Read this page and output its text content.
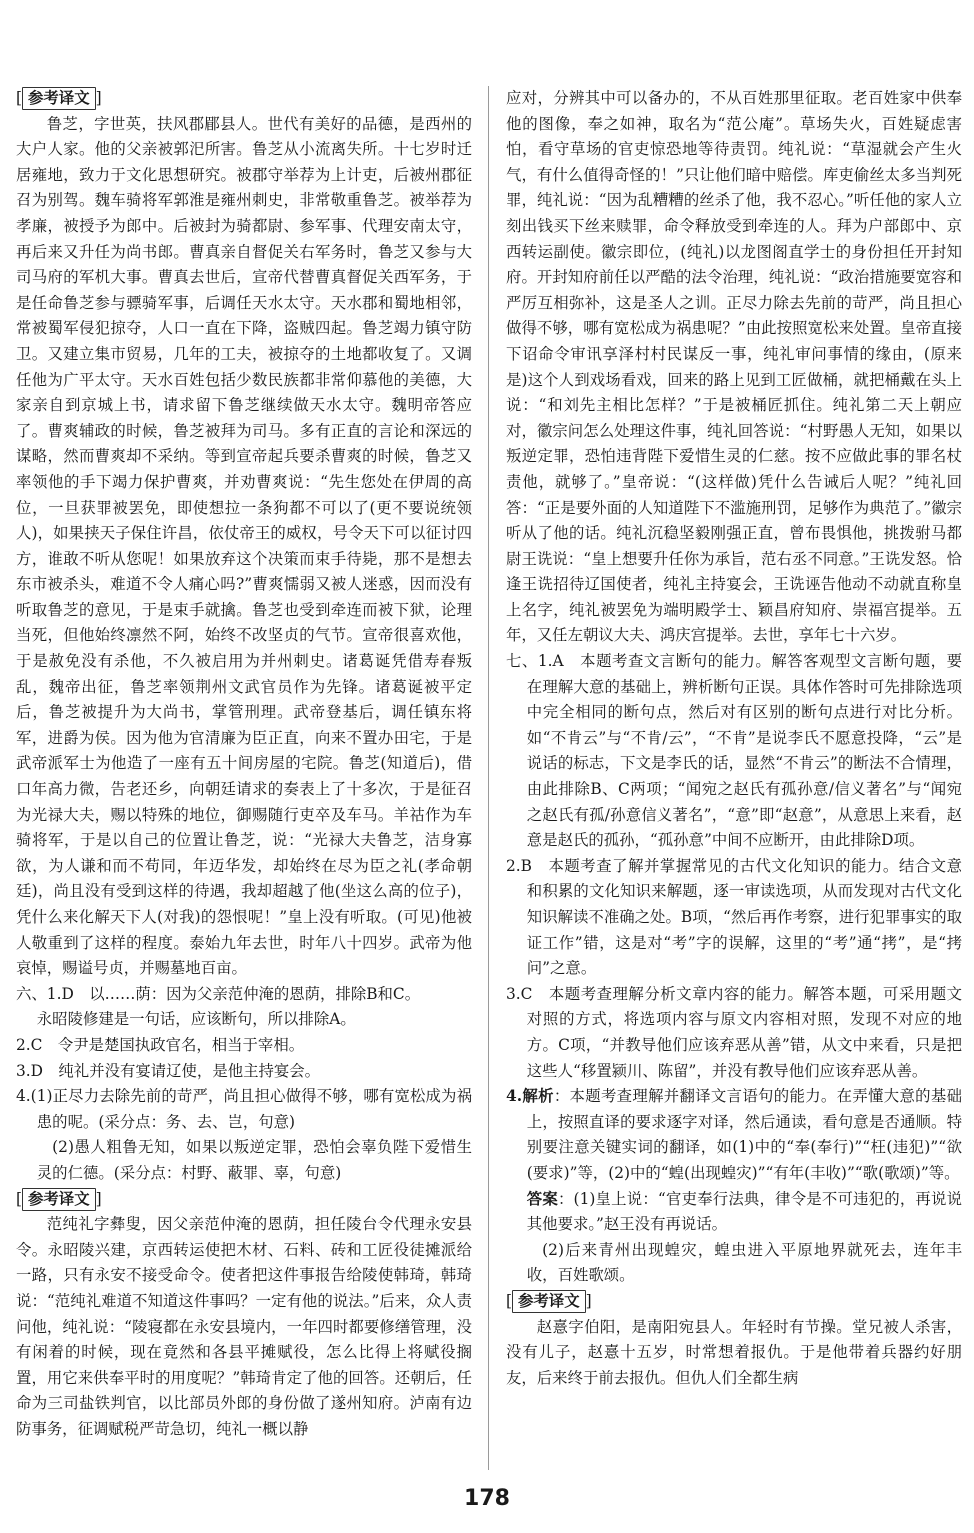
[ 参考译文 ]

鲁芝，字世英，扶风郡郿县人。世代有美好的品德，是西州的大户人家。他的父亲被郭汜所害。鲁芝从小流离失所。十七岁时迁居雍地，致力于文化思想研究。被郡守举荐为上计吏，后被州郡征召为别驾。魏车骑将军郭淮是雍州刺史，非常敬重鲁芝。被举荐为孝廉，被授予为郎中。后被封为骑都尉、参军事、代理安南太守，再后来又升任为尚书郎。曹真亲自督促关右军务时，鲁芝又参与大司马府的军机大事。曹真去世后，宣帝代替曹真督促关西军务，于是任命鲁芝参与骠骑军事，后调任天水太守。天水郡和蜀地相邻，常被蜀军侵犯掠夺，人口一直在下降，盗贼四起。鲁芝竭力镇守防卫。又建立集市贸易，几年的工夫，被掠夺的土地都收复了。又调任他为广平太守。天水百姓包括少数民族都非常仰慕他的美德，大家亲自到京城上书，请求留下鲁芝继续做天水太守。魏明帝答应了。曹爽辅政的时候，鲁芝被拜为司马。多有正直的言论和深远的谋略，然而曹爽却不采纳。等到宣帝起兵要杀曹爽的时候，鲁芝又率领他的手下竭力保护曹爽，并劝曹爽说：“先生您处在伊周的高位，一旦获罪被罢免，即使想拉一条狗都不可以了(更不要说统领人)，如果挟天子保住许昌，依仗帝王的威权，号令天下可以征讨四方，谁敢不听从您呢！如果放弃这个决策而束手待毙，那不是想去东市被杀头，难道不令人痛心吗?”曹爽懦弱又被人迷惑，因而没有听取鲁芝的意见，于是束手就擒。鲁芝也受到牵连而被下狱，论理当死，但他始终凛然不阿，始终不改坚贞的气节。宣帝很喜欢他，于是赦免没有杀他，不久被启用为并州刺史。诸葛诞凭借寿春叛乱，魏帝出征，鲁芝率领荆州文武官员作为先锋。诸葛诞被平定后，鲁芝被提升为大尚书，掌管刑理。武帝登基后，调任镇东将军，进爵为侯。因为他为官清廉为臣正直，向来不置办田宅，于是武帝派军士为他造了一座有五十间房屋的宅院。鲁芝(知道后)，借口年高力微，告老还乡，向朝廷请求的奏表上了十多次，于是征召为光禄大夫，赐以特殊的地位，御赐随行吏卒及车马。羊祜作为车骑将军，于是以自己的位置让鲁芝，说：“光禄大夫鲁芝，洁身寡欲，为人谦和而不苟同，年迈华发，却始终在尽为臣之礼(孝命朝廷)，尚且没有受到这样的待遇，我却超越了他(坐这么高的位子)，凭什么来化解天下人(对我)的怨恨呢！”皇上没有听取。(可见)他被人敬重到了这样的程度。泰始九年去世，时年八十四岁。武帝为他哀悼，赐谥号贞，并赐墓地百亩。

六、1.D　以……荫：因为父亲范仲淹的恩荫，排除B和C。
永昭陵修建是一句话，应该断句，所以排除A。

2.C　令尹是楚国执政官名，相当于宰相。

3.D　纯礼并没有宴请辽使，是他主持宴会。

4.(1)正尽力去除先前的苛严，尚且担心做得不够，哪有宽松成为祸患的呢。(采分点：务、去、岂，句意)

(2)愚人粗鲁无知，如果以叛逆定罪，恐怕会辜负陛下爱惜生灵的仁德。(采分点：村野、蔽罪、辜，句意)

[ 参考译文 ]

范纯礼字彝叟，因父亲范仲淹的恩荫，担任陵台令代理永安县令。永昭陵兴建，京西转运使把木材、石料、砖和工匠役徒摊派给一路，只有永安不接受命令。使者把这件事报告给陵使韩琦，韩琦说：“范纯礼难道不知道这件事吗？一定有他的说法。”后来，众人责问他，纯礼说：“陵寝都在永安县境内，一年四时都要修缮管理，没有闲着的时候，现在竟然和各县平摊赋役，怎么比得上将赋役搁置，用它来供奉平时的用度呢？”韩琦肯定了他的回答。还朝后，任命为三司盐铁判官，以比部员外郎的身份做了遂州知府。泸南有边防事务，征调赋税严苛急切，纯礼一概以静

应对，分辨其中可以备办的，不从百姓那里征取。老百姓家中供奉他的图像，奉之如神，取名为“范公庵”。草场失火，百姓疑虑害怕，看守草场的官吏惊恐地等待责罚。纯礼说：“草湿就会产生火气，有什么值得奇怪的！”只让他们暗中赔偿。库吏偷丝太多当判死罪，纯礼说：“因为乱糟糟的丝杀了他，我不忍心。”听任他的家人立刻出钱买下丝来赎罪，命令释放受到牵连的人。拜为户部郎中、京西转运副使。徽宗即位，(纯礼)以龙图阁直学士的身份担任开封知府。开封知府前任以严酷的法令治理，纯礼说：“政治措施要宽容和严厉互相弥补，这是圣人之训。正尽力除去先前的苛严，尚且担心做得不够，哪有宽松成为祸患呢？”由此按照宽松来处置。皇帝直接下诏命令审讯享泽村村民谋反一事，纯礼审问事情的缘由，(原来是)这个人到戏场看戏，回来的路上见到工匠做桶，就把桶戴在头上说：“和刘先主相比怎样？”于是被桶匠抓住。纯礼第二天上朝应对，徽宗问怎么处理这件事，纯礼回答说：“村野愚人无知，如果以叛逆定罪，恐怕违背陛下爱惜生灵的仁慈。按不应做此事的罪名杖责他，就够了。”皇帝说：“(这样做)凭什么告诫后人呢？”纯礼回答：“正是要外面的人知道陛下不滥施刑罚，足够作为典范了。”徽宗听从了他的话。纯礼沉稳坚毅刚强正直，曾布畏惧他，挑拨驸马都尉王诜说：“皇上想要升任你为承旨，范右丞不同意。”王诜发怒。恰逢王诜招待辽国使者，纯礼主持宴会，王诜诬告他动不动就直称皇上名字，纯礼被罢免为端明殿学士、颖昌府知府、崇福宫提举。五年，又任左朝议大夫、鸿庆宫提举。去世，享年七十六岁。

七、1.A　本题考查文言断句的能力。解答客观型文言断句题，要在理解大意的基础上，辨析断句正误。具体作答时可先排除选项中完全相同的断句点，然后对有区别的断句点进行对比分析。如“不肯云”与“不肯/云”，“不肯”是说李氏不愿意投降，“云”是说话的标志，下文是李氏的话，显然“不肯云”的断法不合情理，由此排除B、C两项；“闻宛之赵氏有孤孙意/信义著名”与“闻宛之赵氏有孤/孙意信义著名”，“意”即“赵意”，从意思上来看，赵意是赵氏的孤孙，“孤孙意”中间不应断开，由此排除D项。

2.B　本题考查了解并掌握常见的古代文化知识的能力。结合文意和积累的文化知识来解题，逐一审读选项，从而发现对古代文化知识解读不准确之处。B项，“然后再作考察，进行犯罪事实的取证工作”错，这是对“考”字的误解，这里的“考”通“拷”，是“拷问”之意。

3.C　本题考查理解分析文章内容的能力。解答本题，可采用题文对照的方式，将选项内容与原文内容相对照，发现不对应的地方。C项，“并教导他们应该弃恶从善”错，从文中来看，只是把这些人“移置颍川、陈留”，并没有教导他们应该弃恶从善。

4.解析：本题考查理解并翻译文言语句的能力。在弄懂大意的基础上，按照直译的要求逐字对译，然后通读，看句意是否通顺。特别要注意关键实词的翻译，如(1)中的“奉(奉行)”“枉(违犯)”“欲(要求)”等，(2)中的“蝗(出现蝗灾)”“有年(丰收)”“歌(歌颂)”等。

答案：(1)皇上说：“官吏奉行法典，律令是不可违犯的，再说说其他要求。”赵王没有再说话。

(2)后来青州出现蝗灾，蝗虫进入平原地界就死去，连年丰收，百姓歌颂。

[ 参考译文 ]

赵憙字伯阳，是南阳宛县人。年轻时有节操。堂兄被人杀害，没有儿子，赵憙十五岁，时常想着报仇。于是他带着兵器约好朋友，后来终于前去报仇。但仇人们全都生病

178
